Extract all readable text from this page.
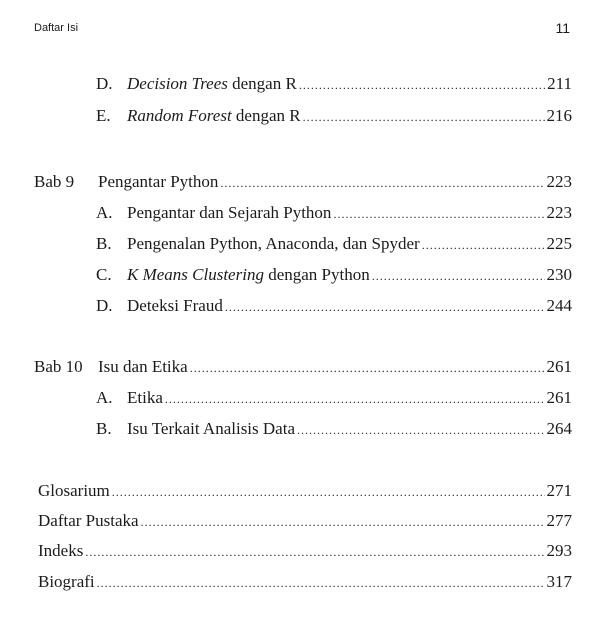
Daftar Isi	11
D. Decision Trees dengan R .....	211
E. Random Forest dengan R .....	216
Bab 9	Pengantar Python .....	223
A. Pengantar dan Sejarah Python .....	223
B. Pengenalan Python, Anaconda, dan Spyder .....	225
C. K Means Clustering dengan Python .....	230
D. Deteksi Fraud .....	244
Bab 10 Isu dan Etika .....	261
A. Etika .....	261
B. Isu Terkait Analisis Data .....	264
Glosarium .....	271
Daftar Pustaka .....	277
Indeks .....	293
Biografi .....	317
